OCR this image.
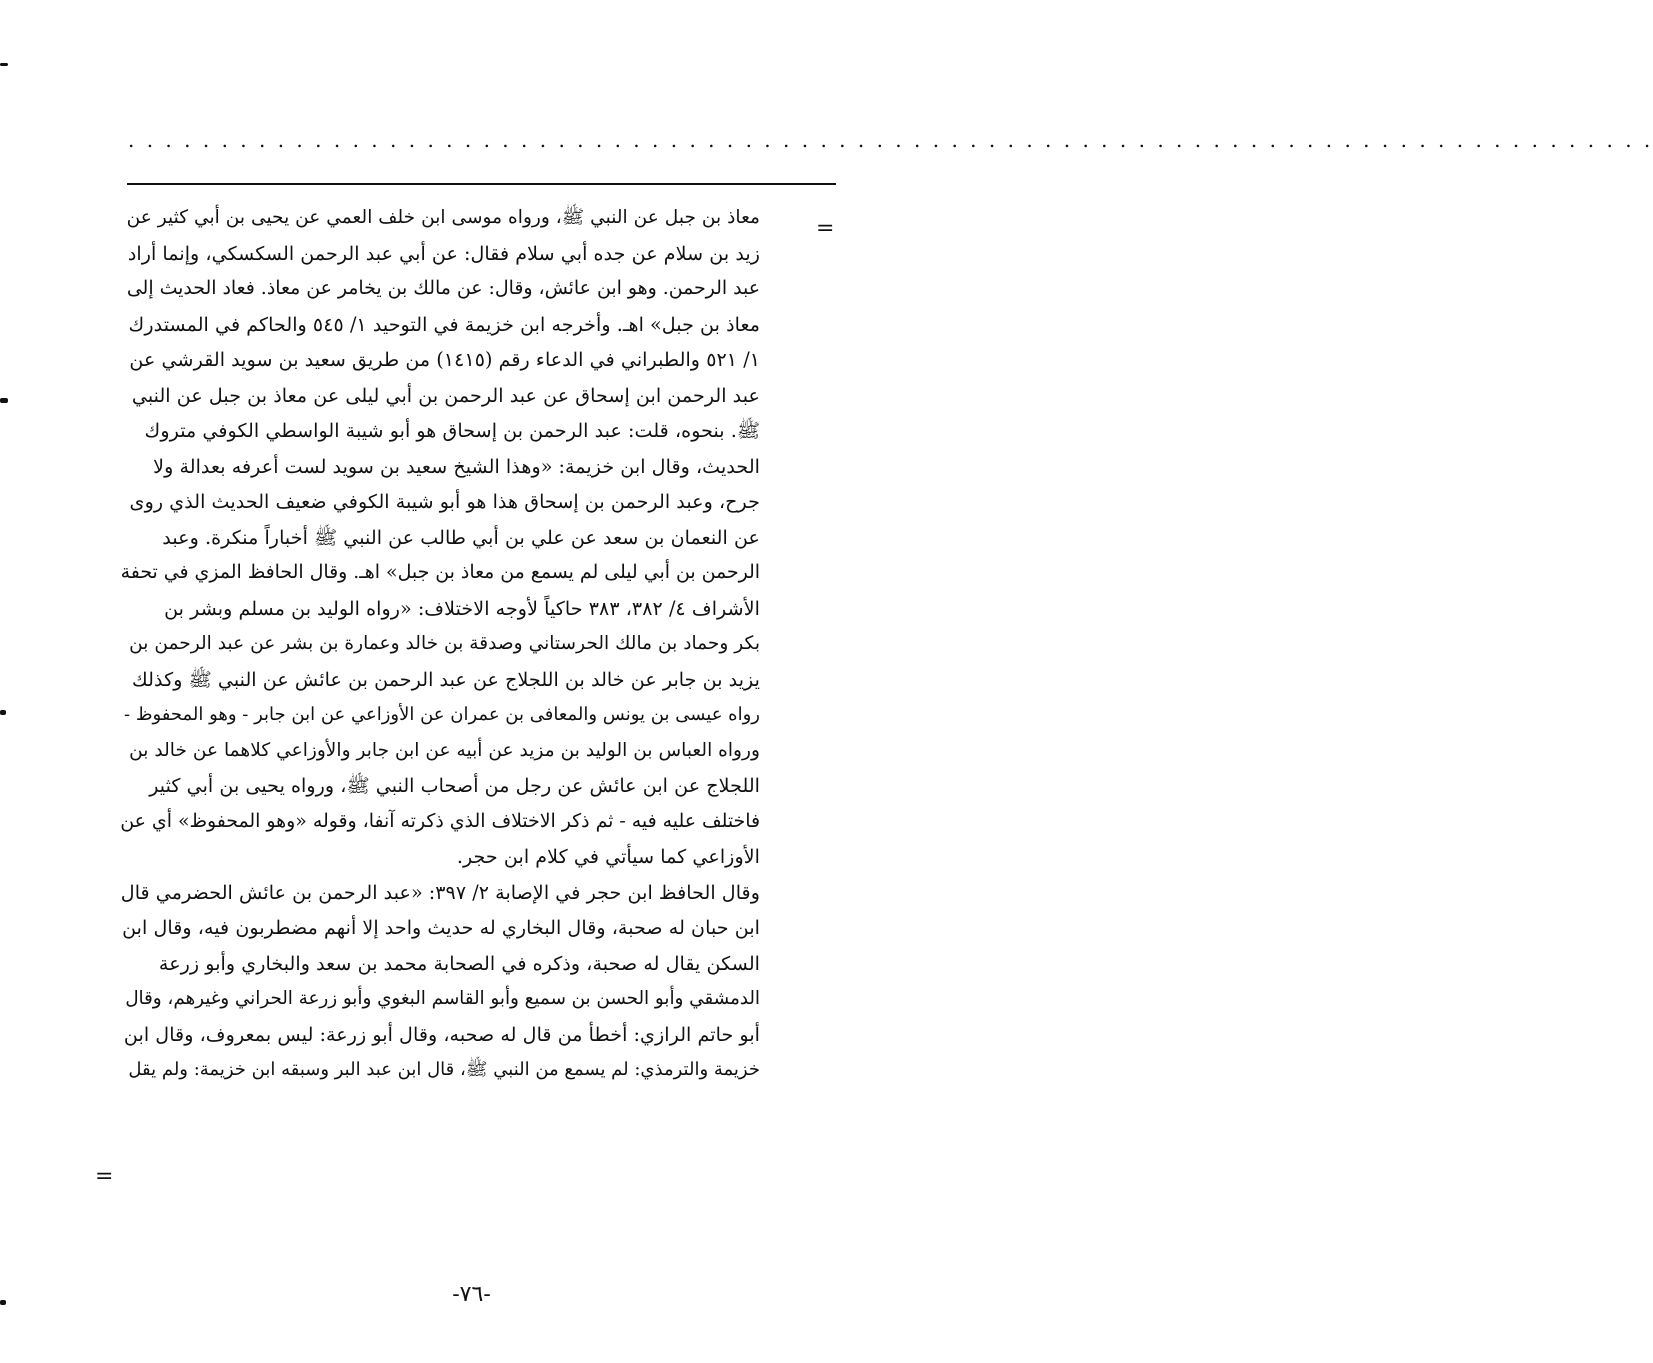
. . . . . . . . . . . . . . . . . . . . . . . . . . . . . . . . . . . . . . . . . . . . . . . . . . . . . . . . . . . . . . . . . . . . . . . . . . . . . . . . . .
=
=
معاذ بن جبل عن النبي ﷺ، ورواه موسى ابن خلف العمي عن يحيى بن أبي كثير عن
زيد بن سلام عن جده أبي سلام فقال: عن أبي عبد الرحمن السكسكي، وإنما أراد
عبد الرحمن. وهو ابن عائش، وقال: عن مالك بن يخامر عن معاذ. فعاد الحديث إلى
معاذ بن جبل» اهـ. وأخرجه ابن خزيمة في التوحيد ١/ ٥٤٥ والحاكم في المستدرك
١/ ٥٢١ والطبراني في الدعاء رقم (١٤١٥) من طريق سعيد بن سويد القرشي عن
عبد الرحمن ابن إسحاق عن عبد الرحمن بن أبي ليلى عن معاذ بن جبل عن النبي
ﷺ. بنحوه، قلت: عبد الرحمن بن إسحاق هو أبو شيبة الواسطي الكوفي متروك
الحديث، وقال ابن خزيمة: «وهذا الشيخ سعيد بن سويد لست أعرفه بعدالة ولا
جرح، وعبد الرحمن بن إسحاق هذا هو أبو شيبة الكوفي ضعيف الحديث الذي روى
عن النعمان بن سعد عن علي بن أبي طالب عن النبي ﷺ أخباراً منكرة. وعبد
الرحمن بن أبي ليلى لم يسمع من معاذ بن جبل» اهـ. وقال الحافظ المزي في تحفة
الأشراف ٤/ ٣٨٢، ٣٨٣ حاكياً لأوجه الاختلاف: «رواه الوليد بن مسلم وبشر بن
بكر وحماد بن مالك الحرستاني وصدقة بن خالد وعمارة بن بشر عن عبد الرحمن بن
يزيد بن جابر عن خالد بن اللجلاج عن عبد الرحمن بن عائش عن النبي ﷺ وكذلك
رواه عيسى بن يونس والمعافى بن عمران عن الأوزاعي عن ابن جابر - وهو المحفوظ -
ورواه العباس بن الوليد بن مزيد عن أبيه عن ابن جابر والأوزاعي كلاهما عن خالد بن
اللجلاج عن ابن عائش عن رجل من أصحاب النبي ﷺ، ورواه يحيى بن أبي كثير
فاختلف عليه فيه - ثم ذكر الاختلاف الذي ذكرته آنفا، وقوله «وهو المحفوظ» أي عن
الأوزاعي كما سيأتي في كلام ابن حجر.
وقال الحافظ ابن حجر في الإصابة ٢/ ٣٩٧: «عبد الرحمن بن عائش الحضرمي قال
ابن حبان له صحبة، وقال البخاري له حديث واحد إلا أنهم مضطربون فيه، وقال ابن
السكن يقال له صحبة، وذكره في الصحابة محمد بن سعد والبخاري وأبو زرعة
الدمشقي وأبو الحسن بن سميع وأبو القاسم البغوي وأبو زرعة الحراني وغيرهم، وقال
أبو حاتم الرازي: أخطأ من قال له صحبه، وقال أبو زرعة: ليس بمعروف، وقال ابن
خزيمة والترمذي: لم يسمع من النبي ﷺ، قال ابن عبد البر وسبقه ابن خزيمة: ولم يقل
-٧٦-
